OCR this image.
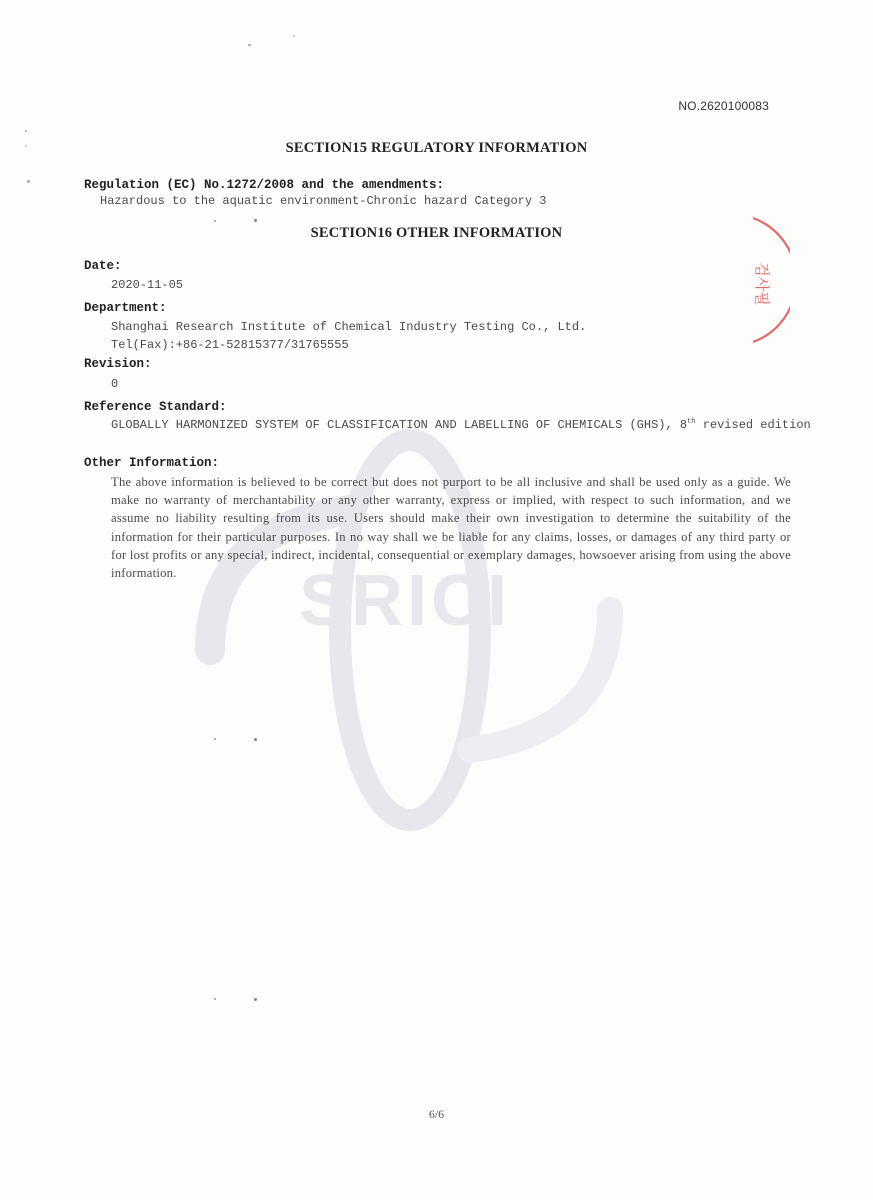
SRICI
검사필
NO.2620100083
SECTION15 REGULATORY INFORMATION
Regulation (EC) No.1272/2008 and the amendments:
Hazardous to the aquatic environment-Chronic hazard Category 3
SECTION16 OTHER INFORMATION
Date:
2020-11-05
Department:
Shanghai Research Institute of Chemical Industry Testing Co., Ltd.
Tel(Fax):+86-21-52815377/31765555
Revision:
0
Reference Standard:
GLOBALLY HARMONIZED SYSTEM OF CLASSIFICATION AND LABELLING OF CHEMICALS (GHS), 8th revised edition
Other Information:
The above information is believed to be correct but does not purport to be all inclusive and shall be used only as a guide. We make no warranty of merchantability or any other warranty, express or implied, with respect to such information, and we assume no liability resulting from its use. Users should make their own investigation to determine the suitability of the information for their particular purposes. In no way shall we be liable for any claims, losses, or damages of any third party or for lost profits or any special, indirect, incidental, consequential or exemplary damages, howsoever arising from using the above information.
6/6
